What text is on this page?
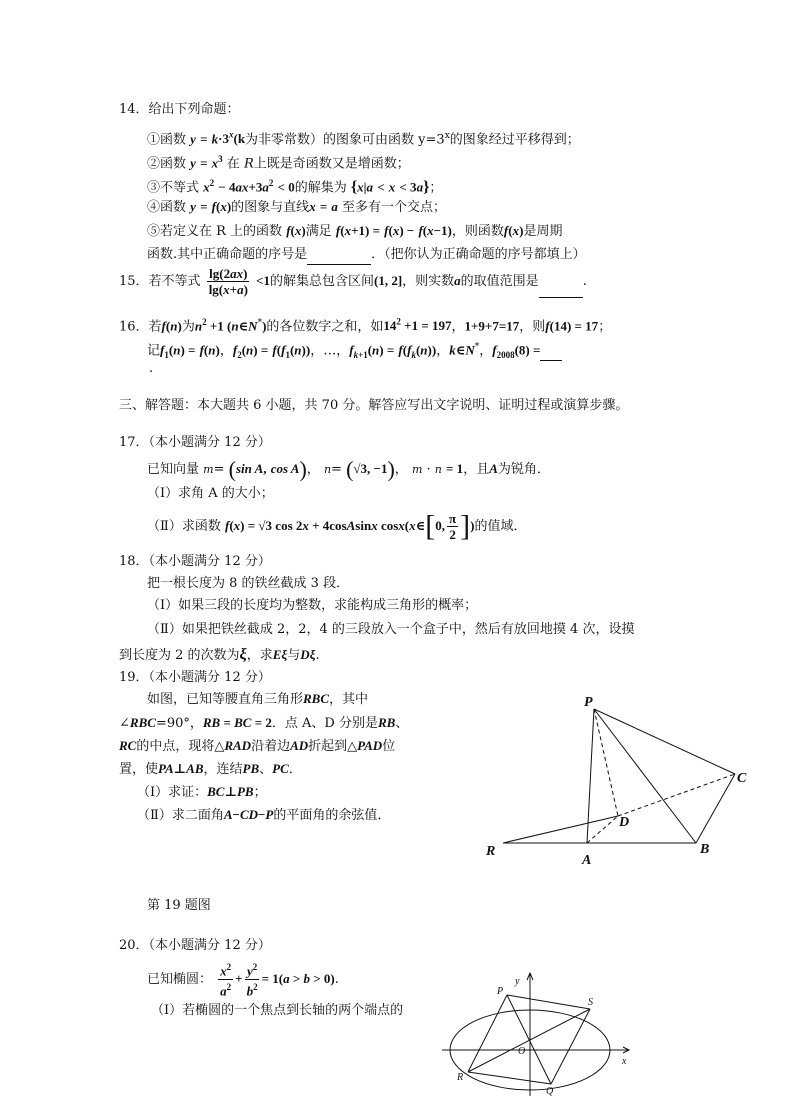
14．给出下列命题：
①函数 $y = k\cdot 3^x(k$为非零常数）的图象可由函数 $y=3^x$的图象经过平移得到；
②函数 $y = x^3$ 在 R上既是奇函数又是增函数；
③不等式 $x^2 - 4ax+3a^2 < 0$的解集为 {x|a < x < 3a}；
④函数 y = f(x)的图象与直线x = a 至多有一个交点；
⑤若定义在 R 上的函数 f(x)满足 f(x+1) = f(x) − f(x−1)，则函数f(x)是周期
函数.其中正确命题的序号是	．（把你认为正确命题的序号都填上）
15．若不等式 $\frac{\lg(2ax)}{\lg(x+a)} <1$的解集总包含区间(1, 2]，则实数a的取值范围是	.
16．若f(n)为$n^2 +1$ (n∈N*)的各位数字之和，如$14^2 +1 = 197$，1+9+7=17，则f(14) = 17；
记$f_1(n) = f(n)$，$f_2(n) = f(f_1(n))$，…，$f_{k+1}(n) = f(f_k(n))$，k∈N*，$f_{2008}(8)$ =
.
三、解答题：本大题共 6 小题，共 70 分。解答应写出文字说明、证明过程或演算步骤。
17．（本小题满分 12 分）
已知向量 m= (sin A, cos A)， n= (√3, −1)， m · n = 1，且A为锐角．
（Ⅰ）求角 A 的大小；
（Ⅱ）求函数 f(x) = √3 cos 2x + 4cosAsinx cosx(x∈[0, $\frac{\pi}{2}$ ])的值域．
18．（本小题满分 12 分）
把一根长度为 8 的铁丝截成 3 段．
（Ⅰ）如果三段的长度均为整数，求能构成三角形的概率；
（Ⅱ）如果把铁丝截成 2，2，4 的三段放入一个盒子中，然后有放回地摸 4 次，设摸
到长度为 2 的次数为ξ，求Eξ与Dξ.
19．（本小题满分 12 分）
如图，已知等腰直角三角形RBC，其中
∠RBC=90°，RB = BC = 2．点 A、D 分别是RB、
RC的中点，现将△RAD沿着边AD折起到△PAD位
置，使PA⊥AB，连结PB、PC．
（Ⅰ）求证：BC⊥PB；
（Ⅱ）求二面角A−CD−P的平面角的余弦值．
P
C
D
R
A
B
第 19 题图
20．（本小题满分 12 分）
已知椭圆： $\frac{x^2}{a^2} + \frac{y^2}{b^2} = 1(a > b > 0)$.
（Ⅰ）若椭圆的一个焦点到长轴的两个端点的
y
x
O
P
S
R
Q
